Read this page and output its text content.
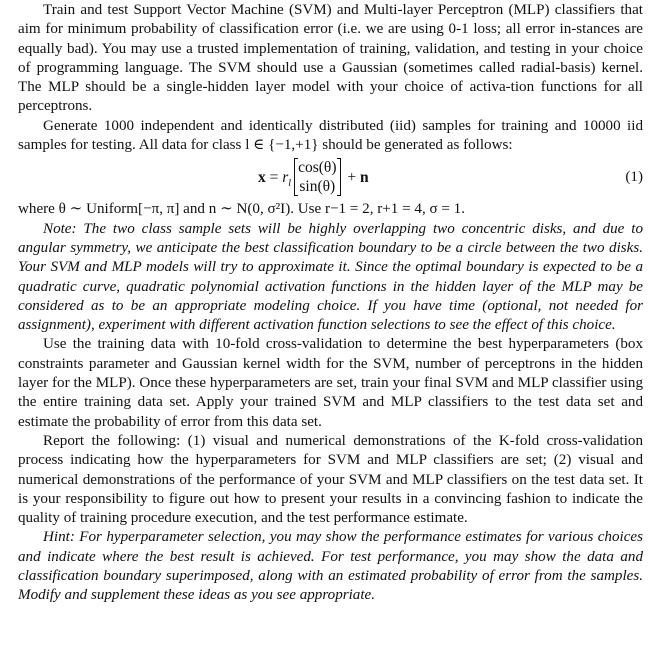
Train and test Support Vector Machine (SVM) and Multi-layer Perceptron (MLP) classifiers that aim for minimum probability of classification error (i.e. we are using 0-1 loss; all error in-stances are equally bad). You may use a trusted implementation of training, validation, and testing in your choice of programming language. The SVM should use a Gaussian (sometimes called radial-basis) kernel. The MLP should be a single-hidden layer model with your choice of activa-tion functions for all perceptrons.

Generate 1000 independent and identically distributed (iid) samples for training and 10000 iid samples for testing. All data for class l ∈ {−1,+1} should be generated as follows:

$x = r_l$
cos(θ)
sin(θ)
+ n	(1)

where θ ∼ Uniform[−π, π] and n ∼ N(0, σ²I). Use r−1 = 2, r+1 = 4, σ = 1.

Note: The two class sample sets will be highly overlapping two concentric disks, and due to angular symmetry, we anticipate the best classification boundary to be a circle between the two disks. Your SVM and MLP models will try to approximate it. Since the optimal boundary is expected to be a quadratic curve, quadratic polynomial activation functions in the hidden layer of the MLP may be considered as to be an appropriate modeling choice. If you have time (optional, not needed for assignment), experiment with different activation function selections to see the effect of this choice.

Use the training data with 10-fold cross-validation to determine the best hyperparameters (box constraints parameter and Gaussian kernel width for the SVM, number of perceptrons in the hidden layer for the MLP). Once these hyperparameters are set, train your final SVM and MLP classifier using the entire training data set. Apply your trained SVM and MLP classifiers to the test data set and estimate the probability of error from this data set.

Report the following: (1) visual and numerical demonstrations of the K-fold cross-validation process indicating how the hyperparameters for SVM and MLP classifiers are set; (2) visual and numerical demonstrations of the performance of your SVM and MLP classifiers on the test data set. It is your responsibility to figure out how to present your results in a convincing fashion to indicate the quality of training procedure execution, and the test performance estimate.

Hint: For hyperparameter selection, you may show the performance estimates for various choices and indicate where the best result is achieved. For test performance, you may show the data and classification boundary superimposed, along with an estimated probability of error from the samples. Modify and supplement these ideas as you see appropriate.
